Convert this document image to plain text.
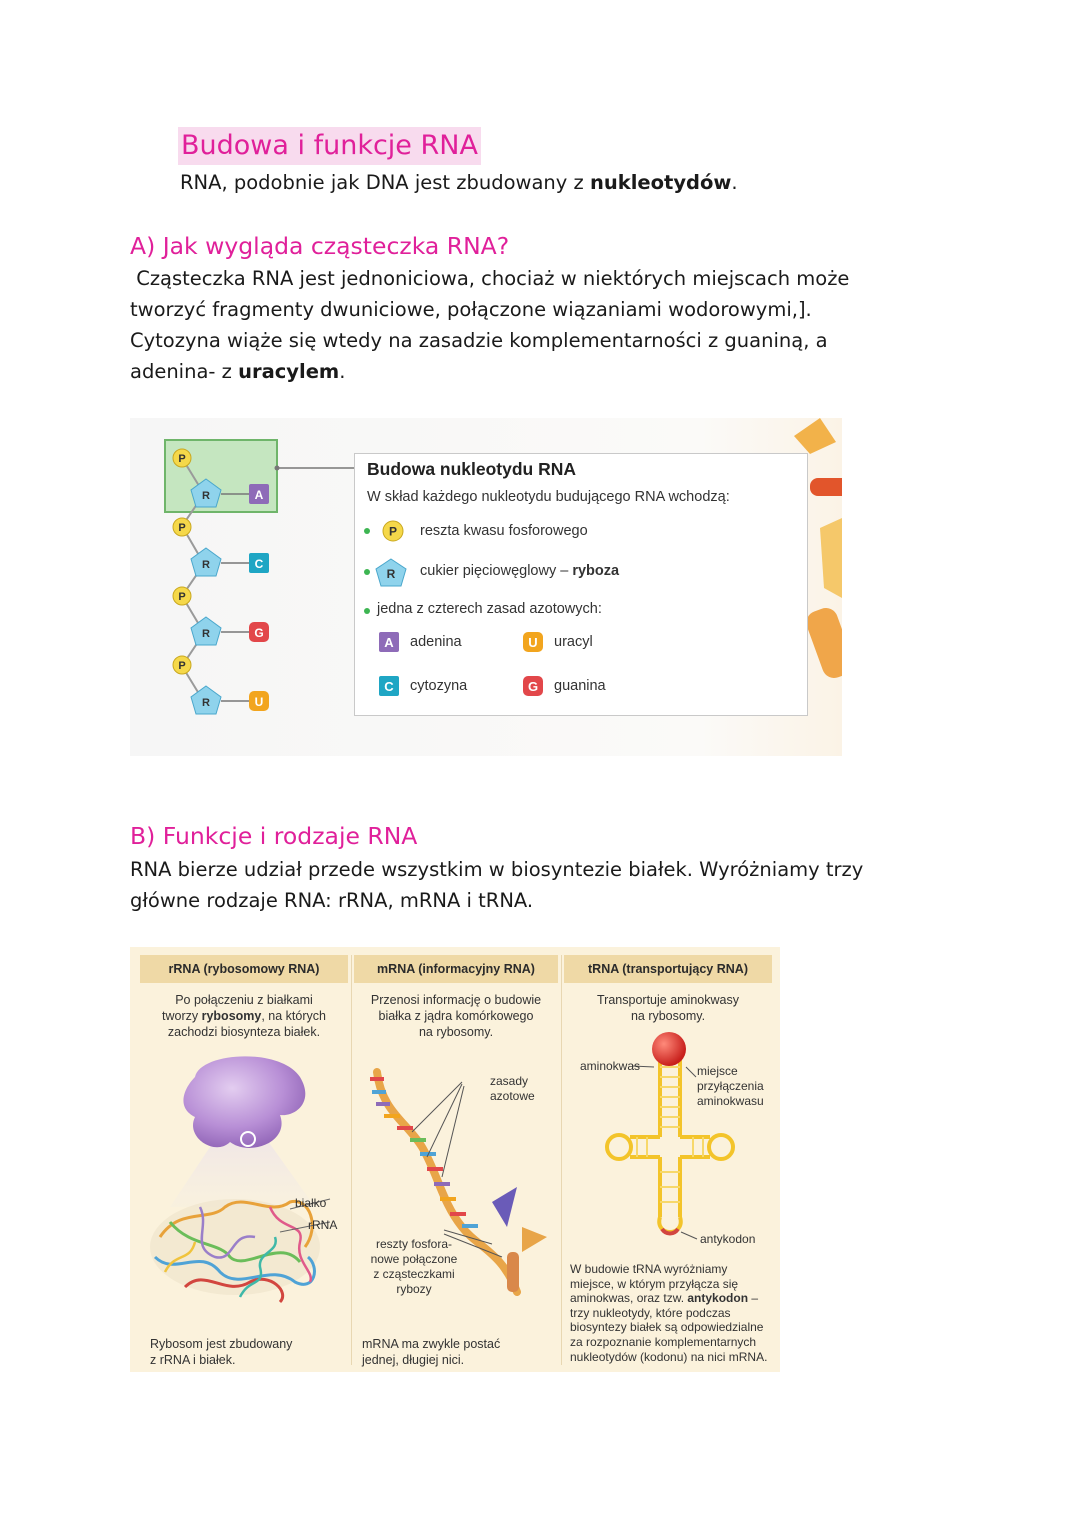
Budowa i funkcje RNA
RNA, podobnie jak DNA jest zbudowany z nukleotydów.
A) Jak wygląda cząsteczka RNA?
Cząsteczka RNA jest jednoniciowa, chociaż w niektórych miejscach może
tworzyć fragmenty dwuniciowe, połączone wiązaniami wodorowymi,].
Cytozyna wiąże się wtedy na zasadzie komplementarności z guaniną, a
adenina- z uracylem.
P
R	A
P
R	C
P
R	G
P
R	U
Budowa nukleotydu RNA
W skład każdego nukleotydu budującego RNA wchodzą:
P reszta kwasu fosforowego
R cukier pięciowęglowy – ryboza
jedna z czterech zasad azotowych:
A adenina	U uracyl
C cytozyna	G guanina
B) Funkcje i rodzaje RNA
RNA bierze udział przede wszystkim w biosyntezie białek. Wyróżniamy trzy
główne rodzaje RNA: rRNA, mRNA i tRNA.
rRNA (rybosomowy RNA)
Po połączeniu z białkami
tworzy rybosomy, na których
zachodzi biosynteza białek.
białko
rRNA
Rybosom jest zbudowany
z rRNA i białek.
mRNA (informacyjny RNA)
Przenosi informację o budowie
białka z jądra komórkowego
na rybosomy.
zasady
azotowe
reszty fosfora-
nowe połączone
z cząsteczkami
rybozy
mRNA ma zwykle postać
jednej, długiej nici.
tRNA (transportujący RNA)
Transportuje aminokwasy
na rybosomy.
aminokwas	miejsce
przyłączenia
aminokwasu
antykodon
W budowie tRNA wyróżniamy
miejsce, w którym przyłącza się
aminokwas, oraz tzw. antykodon –
trzy nukleotydy, które podczas
biosyntezy białek są odpowiedzialne
za rozpoznanie komplementarnych
nukleotydów (kodonu) na nici mRNA.
